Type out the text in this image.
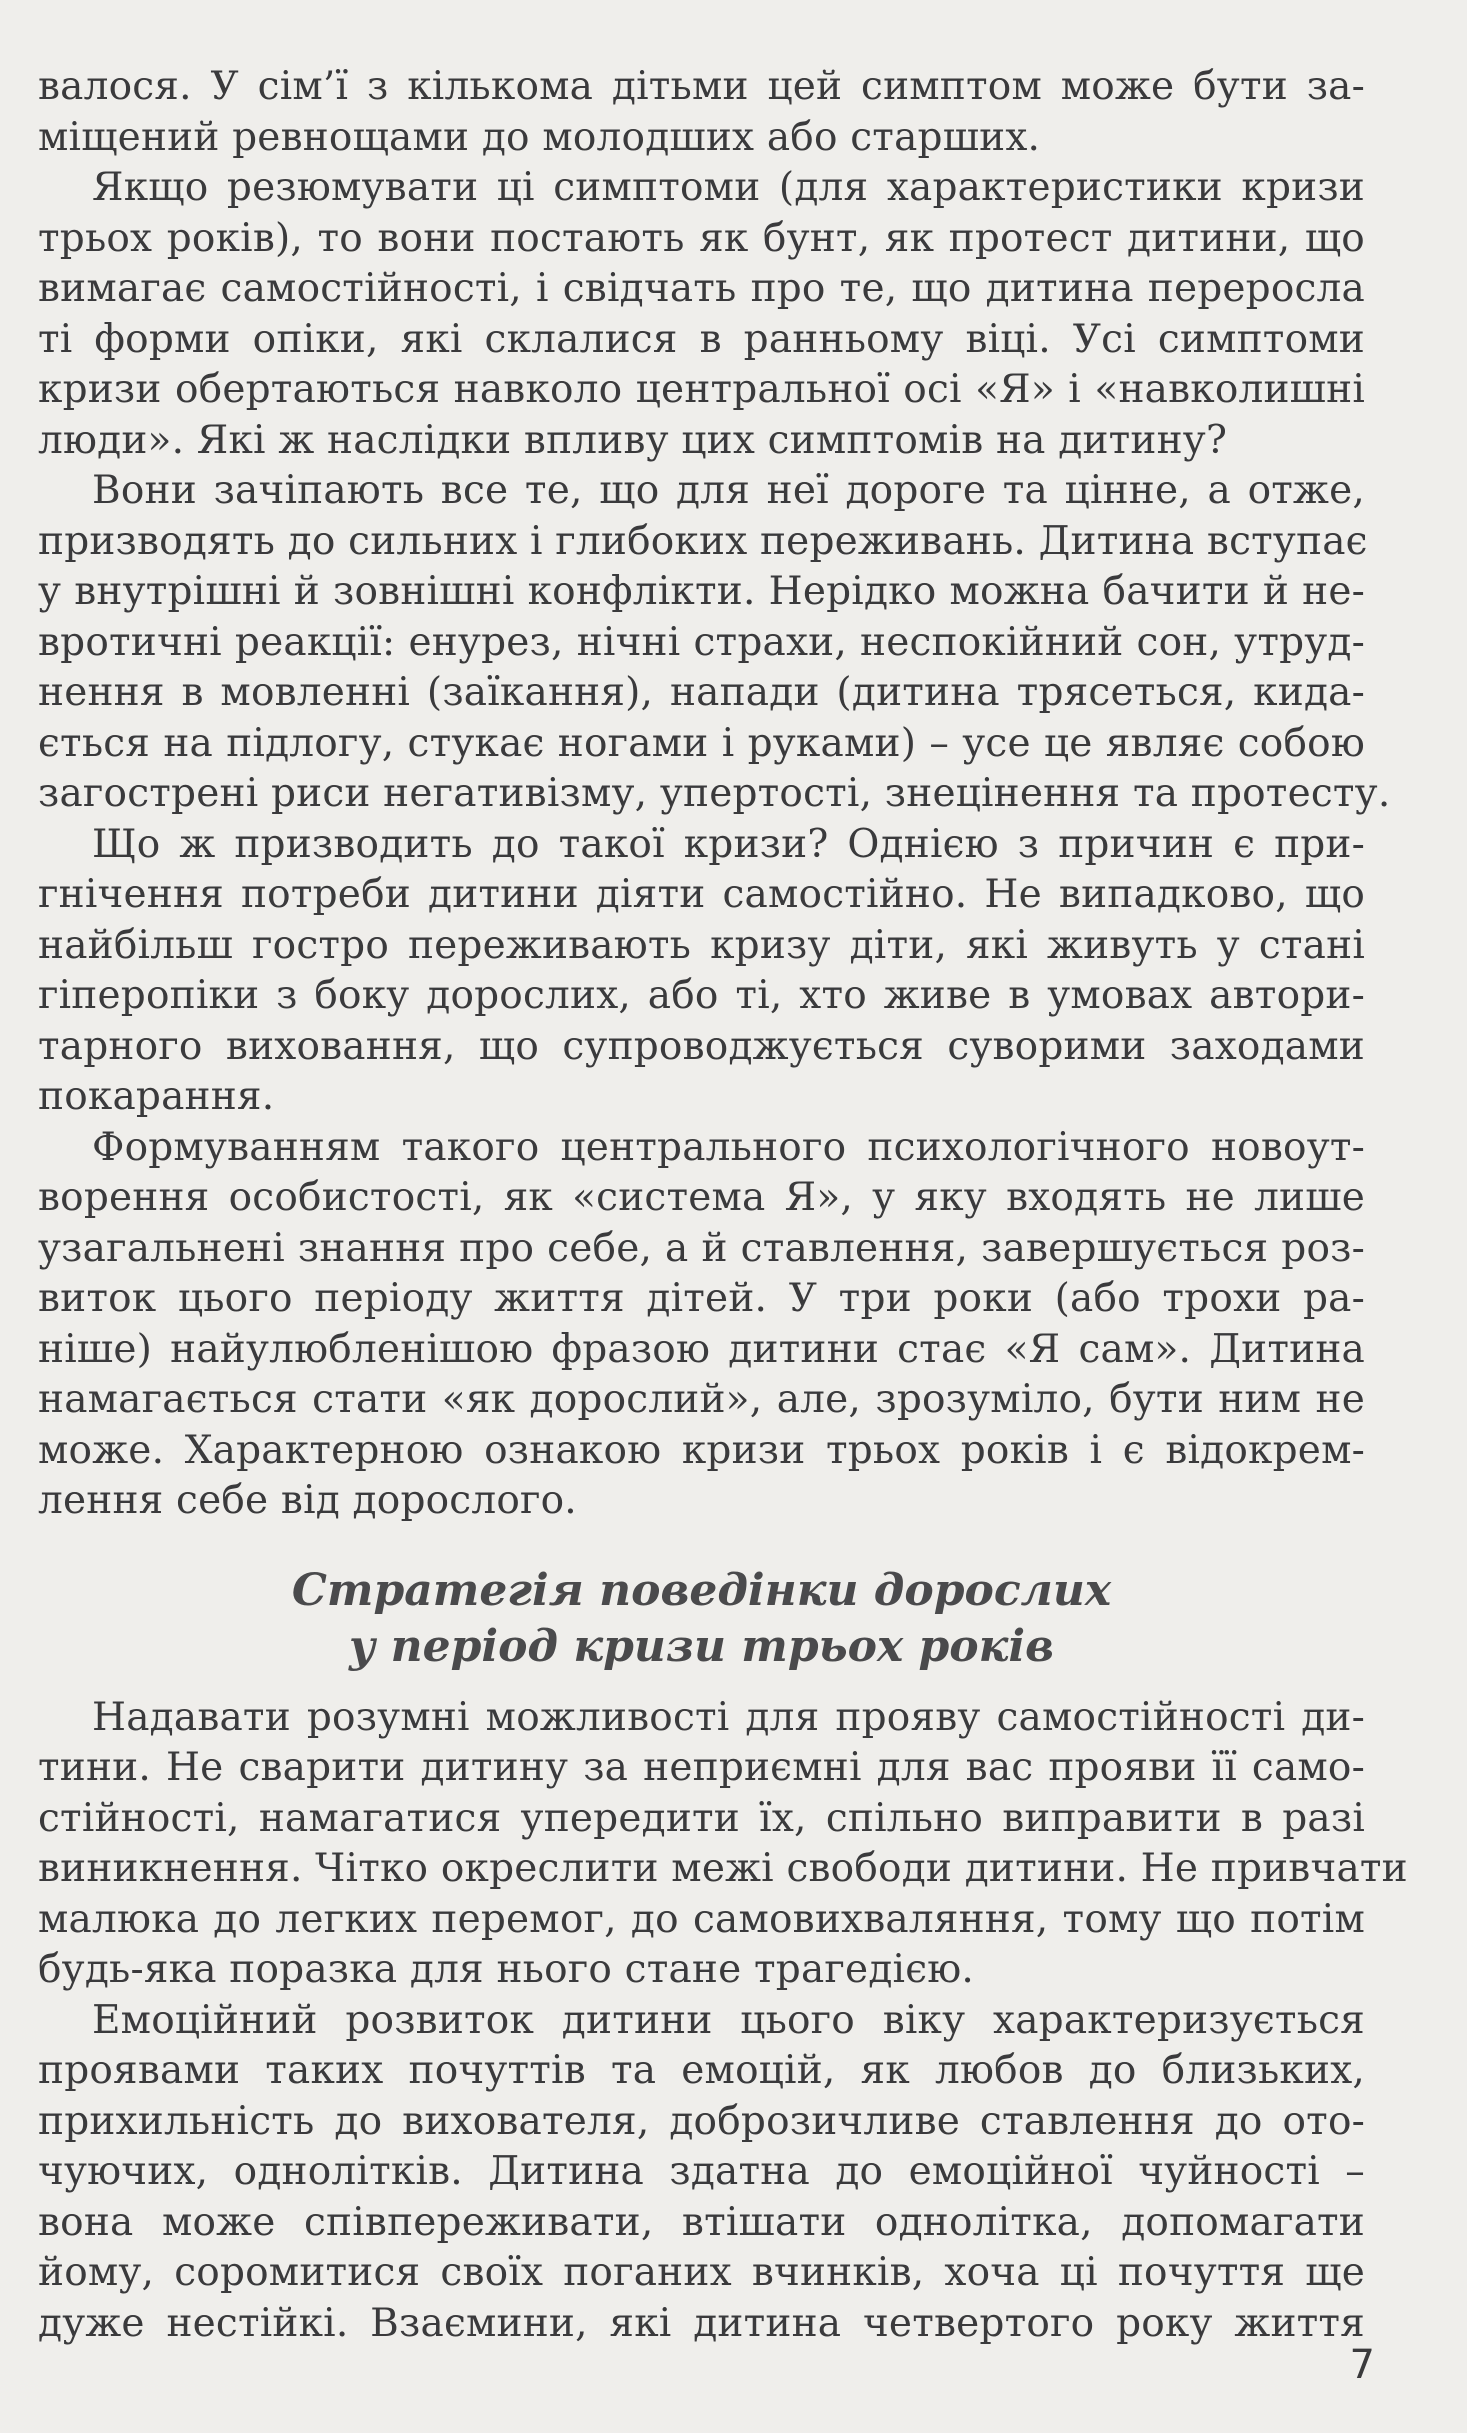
валося. У сім’ї з кількома дітьми цей симптом може бути за-
міщений ревнощами до молодших або старших.
Якщо резюмувати ці симптоми (для характеристики кризи
трьох років), то вони постають як бунт, як протест дитини, що
вимагає самостійності, і свідчать про те, що дитина переросла
ті форми опіки, які склалися в ранньому віці. Усі симптоми
кризи обертаються навколо центральної осі «Я» і «навколишні
люди». Які ж наслідки впливу цих симптомів на дитину?
Вони зачіпають все те, що для неї дороге та цінне, а отже,
призводять до сильних і глибоких переживань. Дитина вступає
у внутрішні й зовнішні конфлікти. Нерідко можна бачити й не-
вротичні реакції: енурез, нічні страхи, неспокійний сон, утруд-
нення в мовленні (заїкання), напади (дитина трясеться, кида-
ється на підлогу, стукає ногами і руками) – усе це являє собою
загострені риси негативізму, упертості, знецінення та протесту.
Що ж призводить до такої кризи? Однією з причин є при-
гнічення потреби дитини діяти самостійно. Не випадково, що
найбільш гостро переживають кризу діти, які живуть у стані
гіперопіки з боку дорослих, або ті, хто живе в умовах автори-
тарного виховання, що супроводжується суворими заходами
покарання.
Формуванням такого центрального психологічного новоут-
ворення особистості, як «система Я», у яку входять не лише
узагальнені знання про себе, а й ставлення, завершується роз-
виток цього періоду життя дітей. У три роки (або трохи ра-
ніше) найулюбленішою фразою дитини стає «Я сам». Дитина
намагається стати «як дорослий», але, зрозуміло, бути ним не
може. Характерною ознакою кризи трьох років і є відокрем-
лення себе від дорослого.
Стратегія поведінки дорослих
у період кризи трьох років
Надавати розумні можливості для прояву самостійності ди-
тини. Не сварити дитину за неприємні для вас прояви її само-
стійності, намагатися упередити їх, спільно виправити в разі
виникнення. Чітко окреслити межі свободи дитини. Не привчати
малюка до легких перемог, до самовихваляння, тому що потім
будь-яка поразка для нього стане трагедією.
Емоційний розвиток дитини цього віку характеризується
проявами таких почуттів та емоцій, як любов до близьких,
прихильність до вихователя, доброзичливе ставлення до ото-
чуючих, однолітків. Дитина здатна до емоційної чуйності –
вона може співпереживати, втішати однолітка, допомагати
йому, соромитися своїх поганих вчинків, хоча ці почуття ще
дуже нестійкі. Взаємини, які дитина четвертого року життя
7
